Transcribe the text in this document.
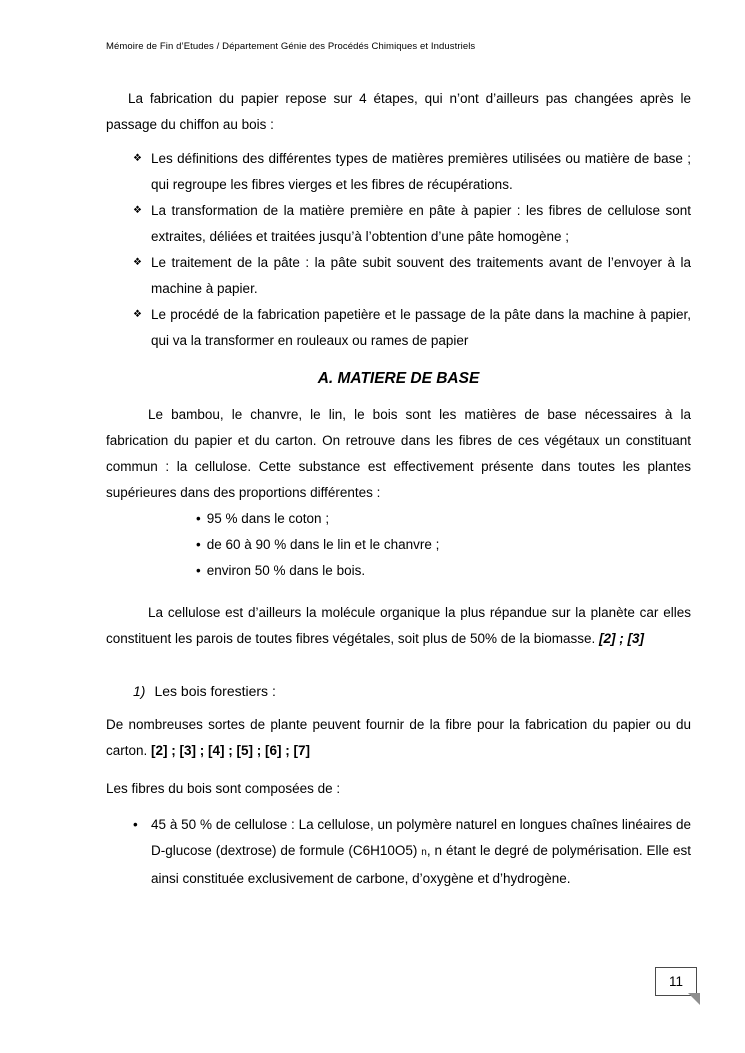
Mémoire de Fin d’Etudes / Département Génie des Procédés Chimiques et Industriels

La fabrication du papier repose sur 4 étapes, qui n’ont d’ailleurs pas changées après le passage du chiffon au bois :

❖ Les définitions des différentes types de matières premières utilisées ou matière de base ; qui regroupe les fibres vierges et les fibres de récupérations.
❖ La transformation de la matière première en pâte à papier : les fibres de cellulose sont extraites, déliées et traitées jusqu’à l’obtention d’une pâte homogène ;
❖ Le traitement de la pâte : la pâte subit souvent des traitements avant de l’envoyer à la machine à papier.
❖ Le procédé de la fabrication papetière et le passage de la pâte dans la machine à papier, qui va la transformer en rouleaux ou rames de papier
A. MATIERE DE BASE

Le bambou, le chanvre, le lin, le bois sont les matières de base nécessaires à la fabrication du papier et du carton. On retrouve dans les fibres de ces végétaux un constituant commun : la cellulose. Cette substance est effectivement présente dans toutes les plantes supérieures dans des proportions différentes :

• 95 % dans le coton ;
• de 60 à 90 % dans le lin et le chanvre ;
• environ 50 % dans le bois.

La cellulose est d’ailleurs la molécule organique la plus répandue sur la planète car elles constituent les parois de toutes fibres végétales, soit plus de 50% de la biomasse. [2] ; [3]

1) Les bois forestiers :

De nombreuses sortes de plante peuvent fournir de la fibre pour la fabrication du papier ou du carton. [2] ; [3] ; [4] ; [5] ; [6] ; [7]

Les fibres du bois sont composées de :

• 45 à 50 % de cellulose : La cellulose, un polymère naturel en longues chaînes linéaires de D-glucose (dextrose) de formule (C6H10O5) n, n étant le degré de polymérisation. Elle est ainsi constituée exclusivement de carbone, d’oxygène et d’hydrogène.
11
